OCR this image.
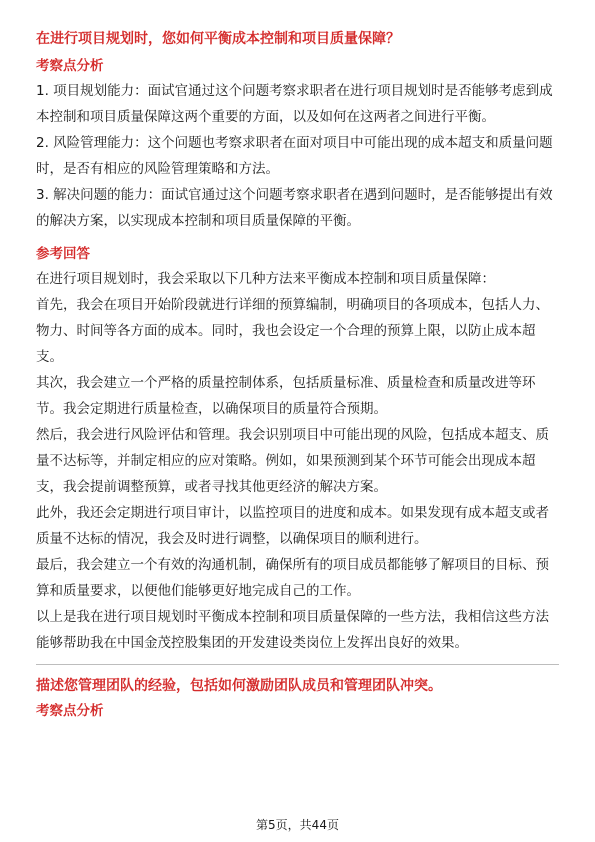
在进行项目规划时，您如何平衡成本控制和项目质量保障？

考察点分析

1. 项目规划能力：面试官通过这个问题考察求职者在进行项目规划时是否能够考虑到成本控制和项目质量保障这两个重要的方面，以及如何在这两者之间进行平衡。

2. 风险管理能力：这个问题也考察求职者在面对项目中可能出现的成本超支和质量问题时，是否有相应的风险管理策略和方法。

3. 解决问题的能力：面试官通过这个问题考察求职者在遇到问题时，是否能够提出有效的解决方案，以实现成本控制和项目质量保障的平衡。

参考回答

在进行项目规划时，我会采取以下几种方法来平衡成本控制和项目质量保障：

首先，我会在项目开始阶段就进行详细的预算编制，明确项目的各项成本，包括人力、物力、时间等各方面的成本。同时，我也会设定一个合理的预算上限，以防止成本超支。

其次，我会建立一个严格的质量控制体系，包括质量标准、质量检查和质量改进等环节。我会定期进行质量检查，以确保项目的质量符合预期。

然后，我会进行风险评估和管理。我会识别项目中可能出现的风险，包括成本超支、质量不达标等，并制定相应的应对策略。例如，如果预测到某个环节可能会出现成本超支，我会提前调整预算，或者寻找其他更经济的解决方案。

此外，我还会定期进行项目审计，以监控项目的进度和成本。如果发现有成本超支或者质量不达标的情况，我会及时进行调整，以确保项目的顺利进行。

最后，我会建立一个有效的沟通机制，确保所有的项目成员都能够了解项目的目标、预算和质量要求，以便他们能够更好地完成自己的工作。

以上是我在进行项目规划时平衡成本控制和项目质量保障的一些方法，我相信这些方法能够帮助我在中国金茂控股集团的开发建设类岗位上发挥出良好的效果。

描述您管理团队的经验，包括如何激励团队成员和管理团队冲突。

考察点分析

第5页，共44页
